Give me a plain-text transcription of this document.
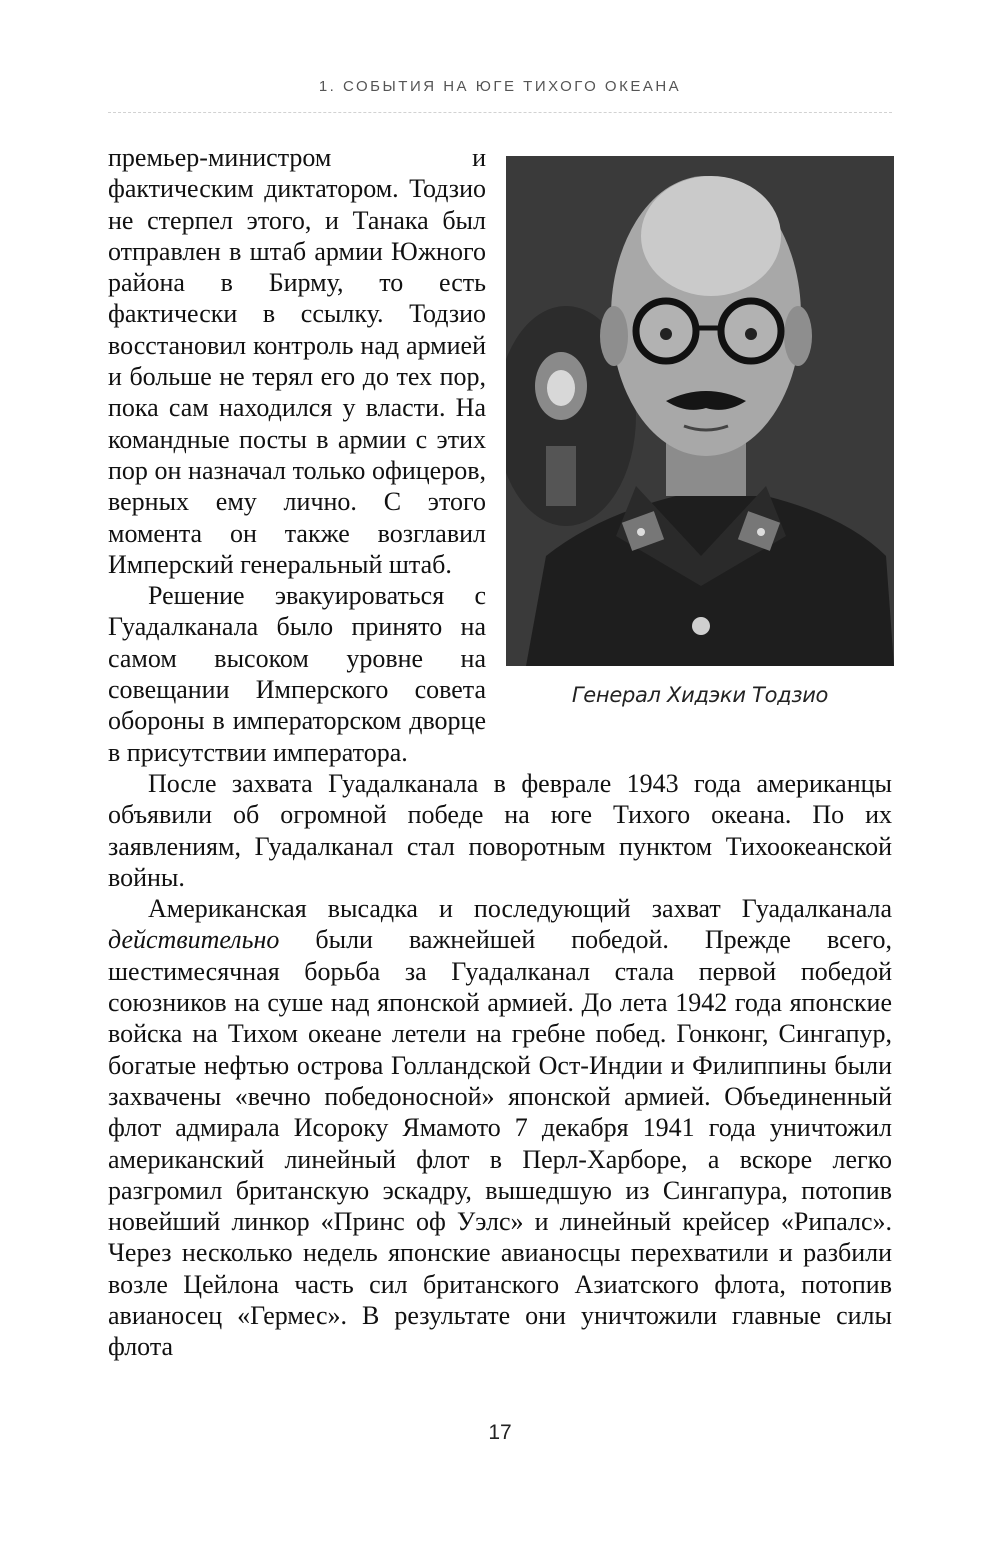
1. СОБЫТИЯ НА ЮГЕ ТИХОГО ОКЕАНА
Генерал Хидэки Тодзио

премьер-министром и фактическим диктатором. Тодзио не стерпел этого, и Танака был отправлен в штаб армии Южного района в Бирму, то есть фактически в ссылку. Тодзио восстановил контроль над армией и больше не терял его до тех пор, пока сам находился у власти. На командные посты в армии с этих пор он назначал только офицеров, верных ему лично. С этого момента он также возглавил Имперский генеральный штаб.

Решение эвакуироваться с Гуадалканала было принято на самом высоком уровне на совещании Имперского совета обороны в императорском дворце в присутствии императора.

После захвата Гуадалканала в феврале 1943 года американцы объявили об огромной победе на юге Тихого океана. По их заявлениям, Гуадалканал стал поворотным пунктом Тихоокеанской войны.

Американская высадка и последующий захват Гуадалканала действительно были важнейшей победой. Прежде всего, шестимесячная борьба за Гуадалканал стала первой победой союзников на суше над японской армией. До лета 1942 года японские войска на Тихом океане летели на гребне побед. Гонконг, Сингапур, богатые нефтью острова Голландской Ост-Индии и Филиппины были захвачены «вечно победоносной» японской армией. Объединенный флот адмирала Исороку Ямамото 7 декабря 1941 года уничтожил американский линейный флот в Перл-Харборе, а вскоре легко разгромил британскую эскадру, вышедшую из Сингапура, потопив новейший линкор «Принс оф Уэлс» и линейный крейсер «Рипалс». Через несколько недель японские авианосцы перехватили и разбили возле Цейлона часть сил британского Азиатского флота, потопив авианосец «Гермес». В результате они уничтожили главные силы флота

17
